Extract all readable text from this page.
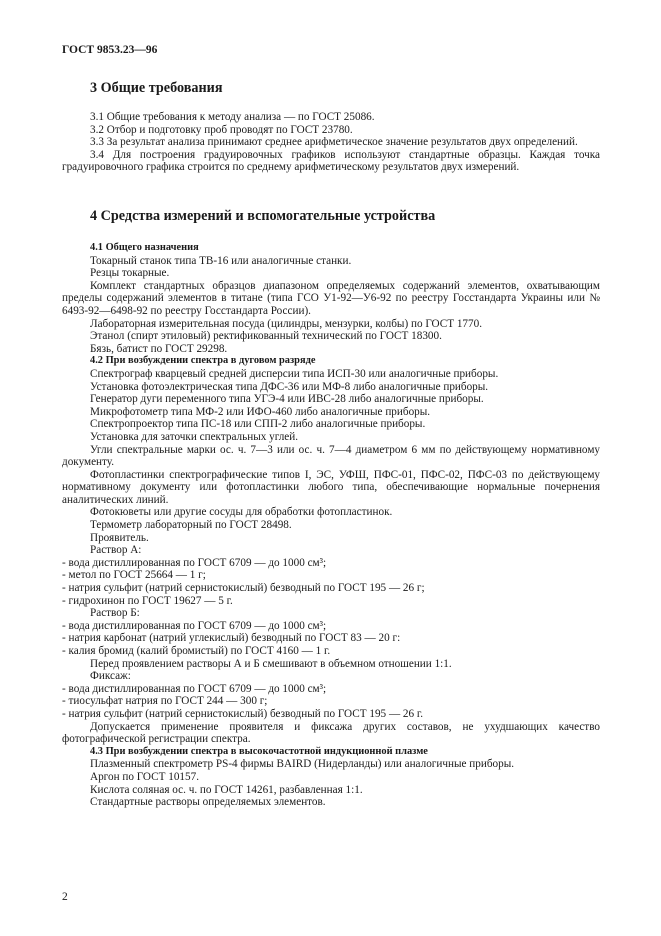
ГОСТ 9853.23—96
3 Общие требования

3.1 Общие требования к методу анализа — по ГОСТ 25086.

3.2 Отбор и подготовку проб проводят по ГОСТ 23780.

3.3 За результат анализа принимают среднее арифметическое значение результатов двух определений.

3.4 Для построения градуировочных графиков используют стандартные образцы. Каждая точка градуировочного графика строится по среднему арифметическому результатов двух измерений.

4 Средства измерений и вспомогательные устройства

4.1 Общего назначения

Токарный станок типа ТВ-16 или аналогичные станки.

Резцы токарные.

Комплект стандартных образцов диапазоном определяемых содержаний элементов, охватывающим пределы содержаний элементов в титане (типа ГСО У1-92—У6-92 по реестру Госстандарта Украины или № 6493-92—6498-92 по реестру Госстандарта России).

Лабораторная измерительная посуда (цилиндры, мензурки, колбы) по ГОСТ 1770.

Этанол (спирт этиловый) ректификованный технический по ГОСТ 18300.

Бязь, батист по ГОСТ 29298.

4.2 При возбуждении спектра в дуговом разряде

Спектрограф кварцевый средней дисперсии типа ИСП-30 или аналогичные приборы.

Установка фотоэлектрическая типа ДФС-36 или МФ-8 либо аналогичные приборы.

Генератор дуги переменного типа УГЭ-4 или ИВС-28 либо аналогичные приборы.

Микрофотометр типа МФ-2 или ИФО-460 либо аналогичные приборы.

Спектропроектор типа ПС-18 или СПП-2 либо аналогичные приборы.

Установка для заточки спектральных углей.

Угли спектральные марки ос. ч. 7—3 или ос. ч. 7—4 диаметром 6 мм по действующему нормативному документу.

Фотопластинки спектрографические типов I, ЭС, УФШ, ПФС-01, ПФС-02, ПФС-03 по действующему нормативному документу или фотопластинки любого типа, обеспечивающие нормальные почернения аналитических линий.

Фотокюветы или другие сосуды для обработки фотопластинок.

Термометр лабораторный по ГОСТ 28498.

Проявитель.

Раствор А:

- вода дистиллированная по ГОСТ 6709 — до 1000 см³;

- метол по ГОСТ 25664 — 1 г;

- натрия сульфит (натрий сернистокислый) безводный по ГОСТ 195 — 26 г;

- гидрохинон по ГОСТ 19627 — 5 г.

Раствор Б:

- вода дистиллированная по ГОСТ 6709 — до 1000 см³;

- натрия карбонат (натрий углекислый) безводный по ГОСТ 83 — 20 г:

- калия бромид (калий бромистый) по ГОСТ 4160 — 1 г.

Перед проявлением растворы А и Б смешивают в объемном отношении 1:1.

Фиксаж:

- вода дистиллированная по ГОСТ 6709 — до 1000 см³;

- тиосульфат натрия по ГОСТ 244 — 300 г;

- натрия сульфит (натрий сернистокислый) безводный по ГОСТ 195 — 26 г.

Допускается применение проявителя и фиксажа других составов, не ухудшающих качество фотографической регистрации спектра.

4.3 При возбуждении спектра в высокочастотной индукционной плазме

Плазменный спектрометр PS-4 фирмы BAIRD (Нидерланды) или аналогичные приборы.

Аргон по ГОСТ 10157.

Кислота соляная ос. ч. по ГОСТ 14261, разбавленная 1:1.

Стандартные растворы определяемых элементов.

2
